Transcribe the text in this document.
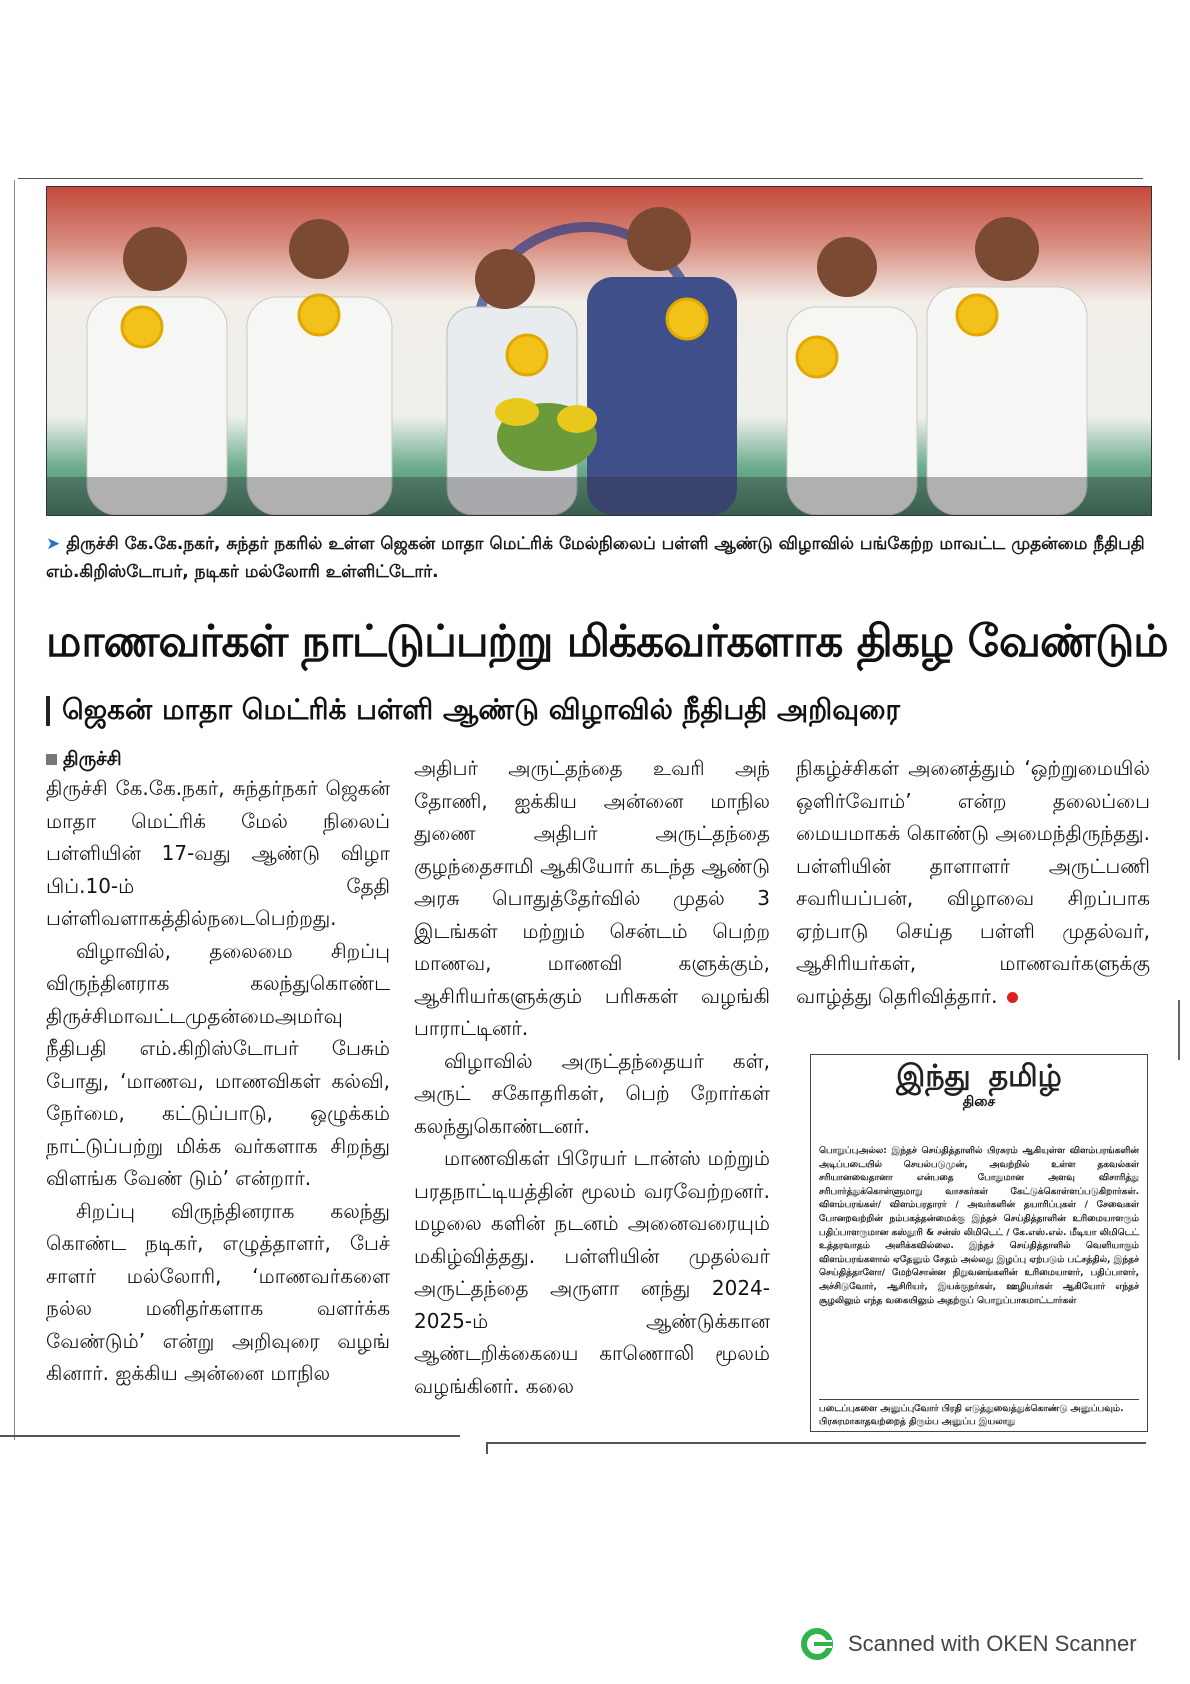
➤ திருச்சி கே.கே.நகர், சுந்தர் நகரில் உள்ள ஜெகன் மாதா மெட்ரிக் மேல்நிலைப் பள்ளி ஆண்டு விழாவில் பங்கேற்ற மாவட்ட முதன்மை நீதிபதி எம்.கிறிஸ்டோபர், நடிகர் மல்லோரி உள்ளிட்டோர்.
மாணவர்கள் நாட்டுப்பற்று மிக்கவர்களாக திகழ வேண்டும்
ஜெகன் மாதா மெட்ரிக் பள்ளி ஆண்டு விழாவில் நீதிபதி அறிவுரை
திருச்சி

திருச்சி கே.கே.நகர், சுந்தர்நகர் ஜெகன் மாதா மெட்ரிக் மேல் நிலைப் பள்ளியின் 17-வது ஆண்டு விழா பிப்.10-ம் தேதி பள்ளிவளாகத்தில்நடைபெற்றது.

விழாவில், தலைமை சிறப்பு விருந்தினராக கலந்துகொண்ட திருச்சிமாவட்டமுதன்மைஅமர்வு நீதிபதி எம்.கிறிஸ்டோபர் பேசும் போது, ‘மாணவ, மாணவிகள் கல்வி, நேர்மை, கட்டுப்பாடு, ஒழுக்கம் நாட்டுப்பற்று மிக்க வர்களாக சிறந்து விளங்க வேண் டும்’ என்றார்.

சிறப்பு விருந்தினராக கலந்து கொண்ட நடிகர், எழுத்தாளர், பேச் சாளர் மல்லோரி, ‘மாணவர்களை நல்ல மனிதர்களாக வளர்க்க வேண்டும்’ என்று அறிவுரை வழங் கினார். ஐக்கிய அன்னை மாநில

அதிபர் அருட்தந்தை உவரி அந் தோணி, ஐக்கிய அன்னை மாநில துணை அதிபர் அருட்தந்தை குழந்தைசாமி ஆகியோர் கடந்த ஆண்டு அரசு பொதுத்தேர்வில் முதல் 3 இடங்கள் மற்றும் சென்டம் பெற்ற மாணவ, மாணவி களுக்கும், ஆசிரியர்களுக்கும் பரிசுகள் வழங்கி பாராட்டினர்.

விழாவில் அருட்தந்தையர் கள், அருட் சகோதரிகள், பெற் றோர்கள் கலந்துகொண்டனர்.

மாணவிகள் பிரேயர் டான்ஸ் மற்றும் பரதநாட்டியத்தின் மூலம் வரவேற்றனர். மழலை களின் நடனம் அனைவரையும் மகிழ்வித்தது. பள்ளியின் முதல்வர் அருட்தந்தை அருளா னந்து 2024-2025-ம் ஆண்டுக்கான ஆண்டறிக்கையை காணொலி மூலம் வழங்கினர். கலை

நிகழ்ச்சிகள் அனைத்தும் ‘ஒற்றுமையில் ஒளிர்வோம்’ என்ற தலைப்பை மையமாகக் கொண்டு அமைந்திருந்தது. பள்ளியின் தாளாளர் அருட்பணி சவரியப்பன், விழாவை சிறப்பாக ஏற்பாடு செய்த பள்ளி முதல்வர், ஆசிரியர்கள், மாணவர்களுக்கு வாழ்த்து தெரிவித்தார்.

இந்து தமிழ்
திசை
பொறுப்புஅல்ல: இந்தச் செய்தித்தாளில் பிரசுரம் ஆகியுள்ள விளம்பரங்களின் அடிப்படையில் செயல்படுமுன், அவற்றில் உள்ள தகவல்கள் சரியானவைதானா என்பதை போதுமான அளவு விசாரித்து சரிபார்த்துக்கொள்ளுமாறு வாசகர்கள் கேட்டுக்கொள்ளப்படுகிறார்கள். விளம்பரங்கள்/ விளம்பரதாரர் / அவர்களின் தயாரிப்புகள் / சேவைகள் போனறவற்றின் நம்பகத்தன்மைக்கு இந்தச் செய்தித்தாளின் உரிமையாளரும் பதிப்பாளருமான கஸ்தூரி & சன்ஸ் லிமிடெட் / கே.எஸ்.எல். மீடியா லிமிடெட் உத்தரவாதம் அளிக்கவில்லை. இந்தச் செய்தித்தாளில் வெளியாகும் விளம்பரங்களால் ஏதேனும் சேதம் அல்லது இழப்பு ஏற்படும் பட்சத்தில், இந்தச் செய்தித்தாளோ/ மேற்சொன்ன நிறுவனங்களின் உரிமையாளர், பதிப்பாளர், அச்சிடுவோர், ஆசிரியர், இயக்குநர்கள், ஊழியர்கள் ஆகியோர் எந்தச் சூழலிலும் எந்த வகையிலும் அதற்குப் பொறுப்பாகமாட்டார்கள்
படைப்புகளை அனுப்புவோர் பிரதி எடுத்துவைத்துக்கொண்டு அனுப்பவும். பிரசுரமாகாதவற்றைத் திரும்ப அனுப்ப இயலாது
Scanned with OKEN Scanner
